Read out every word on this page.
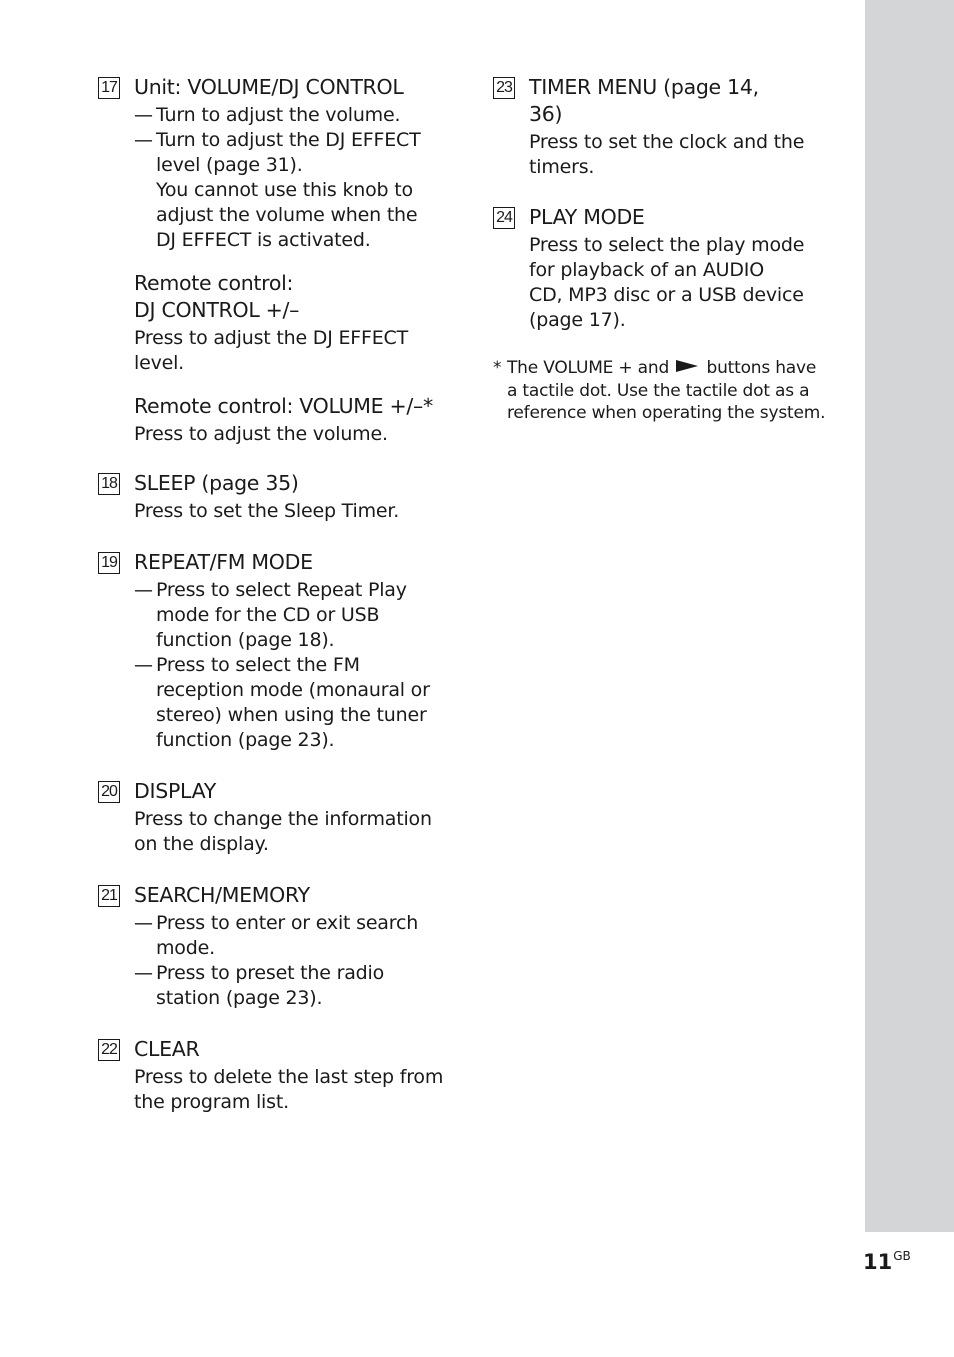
17 Unit: VOLUME/DJ CONTROL
— Turn to adjust the volume.
— Turn to adjust the DJ EFFECT
level (page 31).
You cannot use this knob to
adjust the volume when the
DJ EFFECT is activated.
Remote control:
DJ CONTROL +/–
Press to adjust the DJ EFFECT
level.
Remote control: VOLUME +/–*
Press to adjust the volume.
18 SLEEP (page 35)
Press to set the Sleep Timer.
19 REPEAT/FM MODE
— Press to select Repeat Play
mode for the CD or USB
function (page 18).
— Press to select the FM
reception mode (monaural or
stereo) when using the tuner
function (page 23).
20 DISPLAY
Press to change the information
on the display.
21 SEARCH/MEMORY
— Press to enter or exit search
mode.
— Press to preset the radio
station (page 23).
22 CLEAR
Press to delete the last step from
the program list.
23 TIMER MENU (page 14,
36)
Press to set the clock and the
timers.
24 PLAY MODE
Press to select the play mode
for playback of an AUDIO
CD, MP3 disc or a USB device
(page 17).
* The VOLUME + and buttons have
a tactile dot. Use the tactile dot as a
reference when operating the system.
$11^{GB}$
